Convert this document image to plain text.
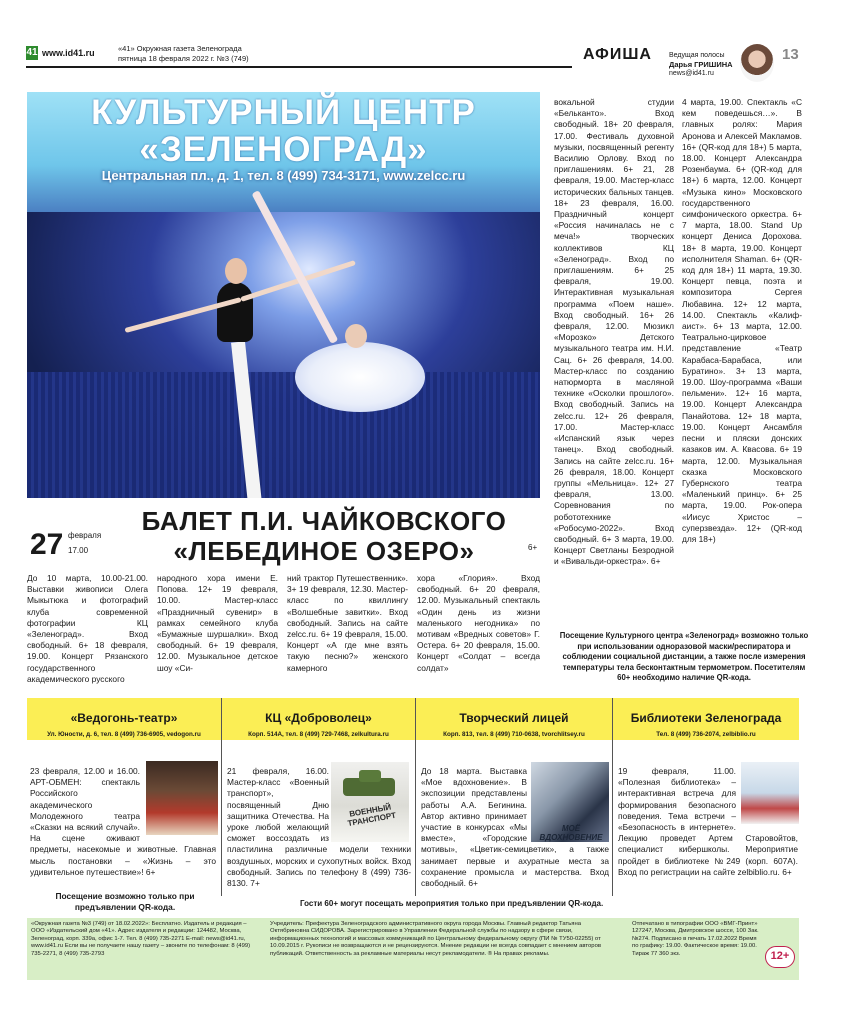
41 www.id41.ru	«41» Окружная газета Зеленограда
пятница 18 февраля 2022 г. №3 (749)	АФИША Ведущая полосы
Дарья ГРИШИНА
news@id41.ru
13
КУЛЬТУРНЫЙ ЦЕНТР
«ЗЕЛЕНОГРАД»
Центральная пл., д. 1, тел. 8 (499) 734-3171, www.zelcc.ru
БАЛЕТ П.И. ЧАЙКОВСКОГО
«ЛЕБЕДИНОЕ ОЗЕРО»
27 февраля
17.00	6+
До 10 марта, 10.00-21.00. Выставки живописи Олега Мыкытюка и фотографий клуба современной фотографии КЦ «Зеленоград». Вход свободный. 6+ 18 февраля, 19.00. Концерт Рязанского государственного академического русского
народного хора имени Е. Попова. 12+ 19 февраля, 10.00. Мастер-класс «Праздничный сувенир» в рамках семейного клуба «Бумажные шуршалки». Вход свободный. 6+ 19 февраля, 12.00. Музыкальное детское шоу «Си-
ний трактор Путешественник». 3+ 19 февраля, 12.30. Мастер-класс по квиллингу «Волшебные завитки». Вход свободный. Запись на сайте zelcc.ru. 6+ 19 февраля, 15.00. Концерт «А где мне взять такую песню?» женского камерного
хора «Глория». Вход свободный. 6+ 20 февраля, 12.00. Музыкальный спектакль «Один день из жизни маленького негодника» по мотивам «Вредных советов» Г. Остера. 6+ 20 февраля, 15.00. Концерт «Солдат – всегда солдат»
вокальной студии «Бельканто». Вход свободный. 18+ 20 февраля, 17.00. Фестиваль духовной музыки, посвященный регенту Василию Орлову. Вход по приглашениям. 6+ 21, 28 февраля, 19.00. Мастер-класс исторических бальных танцев. 18+ 23 февраля, 16.00. Праздничный концерт «Россия начиналась не с меча!» творческих коллективов КЦ «Зеленоград». Вход по приглашениям. 6+ 25 февраля, 19.00. Интерактивная музыкальная программа «Поем наше». Вход свободный. 16+ 26 февраля, 12.00. Мюзикл «Морозко» Детского музыкального театра им. Н.И. Сац. 6+ 26 февраля, 14.00. Мастер-класс по созданию натюрморта в масляной технике «Осколки прошлого». Вход свободный. Запись на zelcc.ru. 12+ 26 февраля, 17.00. Мастер-класс «Испанский язык через танец». Вход свободный. Запись на сайте zelcc.ru. 16+ 26 февраля, 18.00. Концерт группы «Мельница». 12+ 27 февраля, 13.00. Соревнования по робототехнике «Робосумо-2022». Вход свободный. 6+ 3 марта, 19.00. Концерт Светланы Безродной и «Вивальди-оркестра». 6+
4 марта, 19.00. Спектакль «С кем поведешься…». В главных ролях: Мария Аронова и Алексей Макламов. 16+ (QR-код для 18+) 5 марта, 18.00. Концерт Александра Розенбаума. 6+ (QR-код для 18+) 6 марта, 12.00. Концерт «Музыка кино» Московского государственного симфонического оркестра. 6+ 7 марта, 18.00. Stand Up концерт Дениса Дорохова. 18+ 8 марта, 19.00. Концерт исполнителя Shaman. 6+ (QR-код для 18+) 11 марта, 19.30. Концерт певца, поэта и композитора Сергея Любавина. 12+ 12 марта, 14.00. Спектакль «Калиф-аист». 6+ 13 марта, 12.00. Театрально-цирковое представление «Театр Карабаса-Барабаса, или Буратино». 3+ 13 марта, 19.00. Шоу-программа «Ваши пельмени». 12+ 16 марта, 19.00. Концерт Александра Панайотова. 12+ 18 марта, 19.00. Концерт Ансамбля песни и пляски донских казаков им. А. Квасова. 6+ 19 марта, 12.00. Музыкальная сказка Московского Губернского театра «Маленький принц». 6+ 25 марта, 19.00. Рок-опера «Иисус Христос – суперзвезда». 12+ (QR-код для 18+)
Посещение Культурного центра «Зеленоград» возможно только при использовании одноразовой маски/респиратора и соблюдении социальной дистанции, а также после измерения температуры тела бесконтактным термометром. Посетителям 60+ необходимо наличие QR-кода.
«Ведогонь-театр»
Ул. Юности, д. 6, тел. 8 (499) 736-6905, vedogon.ru
КЦ «Доброволец»
Корп. 514А, тел. 8 (499) 729-7468, zelkultura.ru
Творческий лицей
Корп. 813, тел. 8 (499) 710-0638, tvorchlitsey.ru
Библиотеки Зеленограда
Тел. 8 (499) 736-2074, zelbiblio.ru
23 февраля, 12.00 и 16.00. АРТ-ОБМЕН: спектакль Российского академического Молодежного театра «Сказки на всякий случай». На сцене оживают предметы, насекомые и животные. Главная мысль постановки – «Жизнь – это удивительное путешествие»! 6+
Посещение возможно только при предъявлении QR-кода.
ВОЕННЫЙ ТРАНСПОРТ
21 февраля, 16.00. Мастер-класс «Военный транспорт», посвященный Дню защитника Отечества. На уроке любой желающий сможет воссоздать из пластилина различные модели техники воздушных, морских и сухопутных войск. Вход свободный. Запись по телефону 8 (499) 736-8130. 7+
МОЁ ВДОХНОВЕНИЕ
До 18 марта. Выставка «Мое вдохновение». В экспозиции представлены работы А.А. Бегинина. Автор активно принимает участие в конкурсах «Мы вместе», «Городские мотивы», «Цветик-семицветик», а также занимает первые и ахуратные места за сохранение промысла и мастерства. Вход свободный. 6+
19 февраля, 11.00. «Полезная библиотека» – интерактивная встреча для формирования безопасного поведения. Тема встречи – «Безопасность в интернете». Лекцию проведет Артем Старовойтов, специалист кибершколы. Мероприятие пройдет в библиотеке №249 (корп. 607А). Вход по регистрации на сайте zelbiblio.ru. 6+
Гости 60+ могут посещать мероприятия только при предъявлении QR-кода.
«Окружная газета №3 (749) от 18.02.2022»: Бесплатно. Издатель и редакция – ООО «Издательский дом «41». Адрес издателя и редакции: 124482, Москва, Зеленоград, корп. 339а, офис 1-7. Тел. 8 (499) 735-2271 E-mail: news@id41.ru, www.id41.ru Если вы не получаете нашу газету – звоните по телефонам: 8 (499) 735-2271, 8 (499) 735-2793
Учредитель: Префектура Зеленоградского административного округа города Москвы. Главный редактор Татьяна Октябриновна СИДОРОВА. Зарегистрировано в Управлении Федеральной службы по надзору в сфере связи, информационных технологий и массовых коммуникаций по Центральному федеральному округу (ПИ № ТУ50-02255) от 10.09.2015 г. Рукописи не возвращаются и не рецензируются. Мнение редакции не всегда совпадает с мнением авторов публикаций. Ответственность за рекламные материалы несут рекламодатели. ® На правах рекламы.
Отпечатано в типографии ООО «ВМГ-Принт» 127247, Москва, Дмитровское шоссе, 100 Зак. №274. Подписано в печать 17.02.2022 Время по графику: 19.00. Фактическое время: 19.00. Тираж 77 360 экз.	12+
